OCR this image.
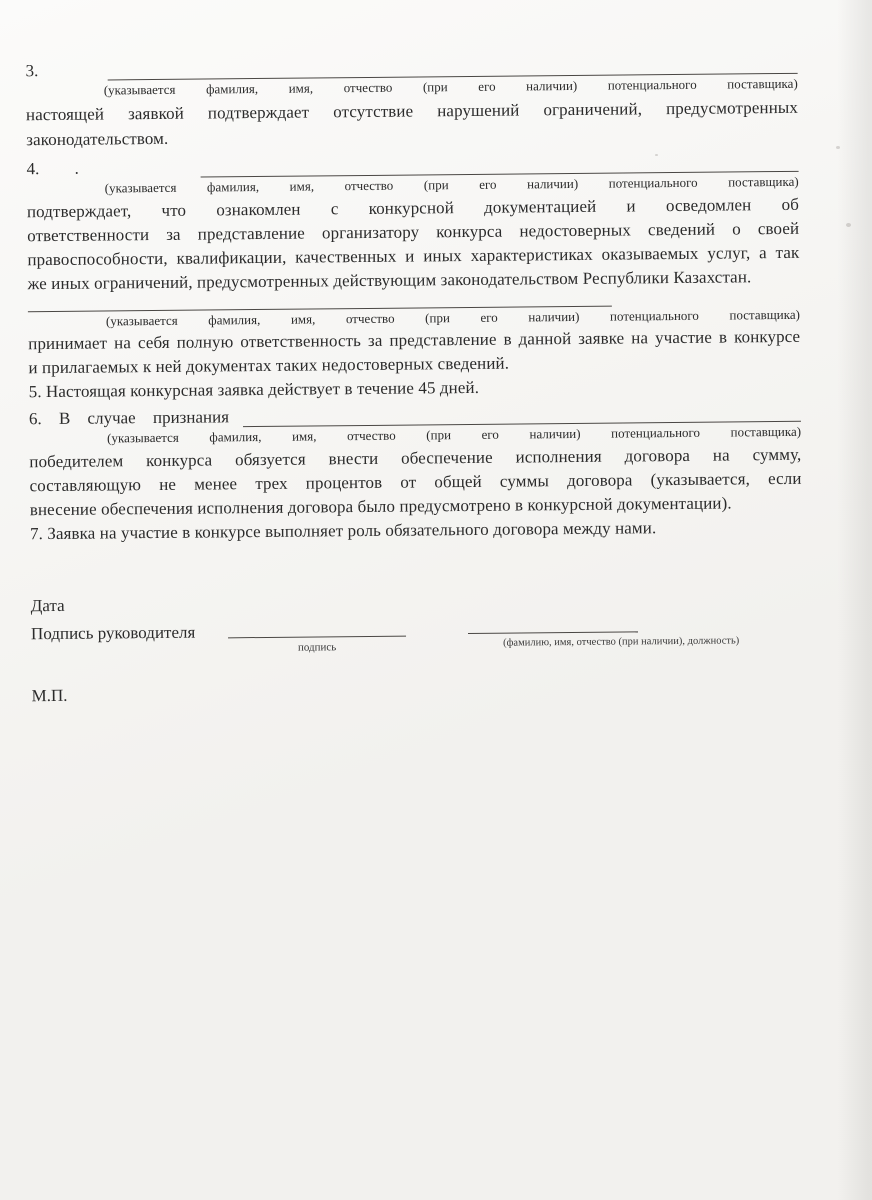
3.
(указывается фамилия, имя, отчество (при его наличии) потенциального поставщика)
настоящей заявкой подтверждает отсутствие нарушений ограничений, предусмотренных
законодательством.
4.	.
(указывается фамилия, имя, отчество (при его наличии) потенциального поставщика)
подтверждает, что ознакомлен с конкурсной документацией и осведомлен об
ответственности за представление организатору конкурса недостоверных сведений о своей
правоспособности, квалификации, качественных и иных характеристиках оказываемых услуг, а так
же иных ограничений, предусмотренных действующим законодательством Республики Казахстан.
(указывается фамилия, имя, отчество (при его наличии) потенциального поставщика)
принимает на себя полную ответственность за представление в данной заявке на участие в конкурсе
и прилагаемых к ней документах таких недостоверных сведений.
5. Настоящая конкурсная заявка действует в течение 45 дней.
6. В случае признания
(указывается фамилия, имя, отчество (при его наличии) потенциального поставщика)
победителем конкурса обязуется внести обеспечение исполнения договора на сумму,
составляющую не менее трех процентов от общей суммы договора (указывается, если
внесение обеспечения исполнения договора было предусмотрено в конкурсной документации).
7. Заявка на участие в конкурсе выполняет роль обязательного договора между нами.
Дата
Подпись руководителя
подпись	(фамилию, имя, отчество (при наличии), должность)
М.П.
